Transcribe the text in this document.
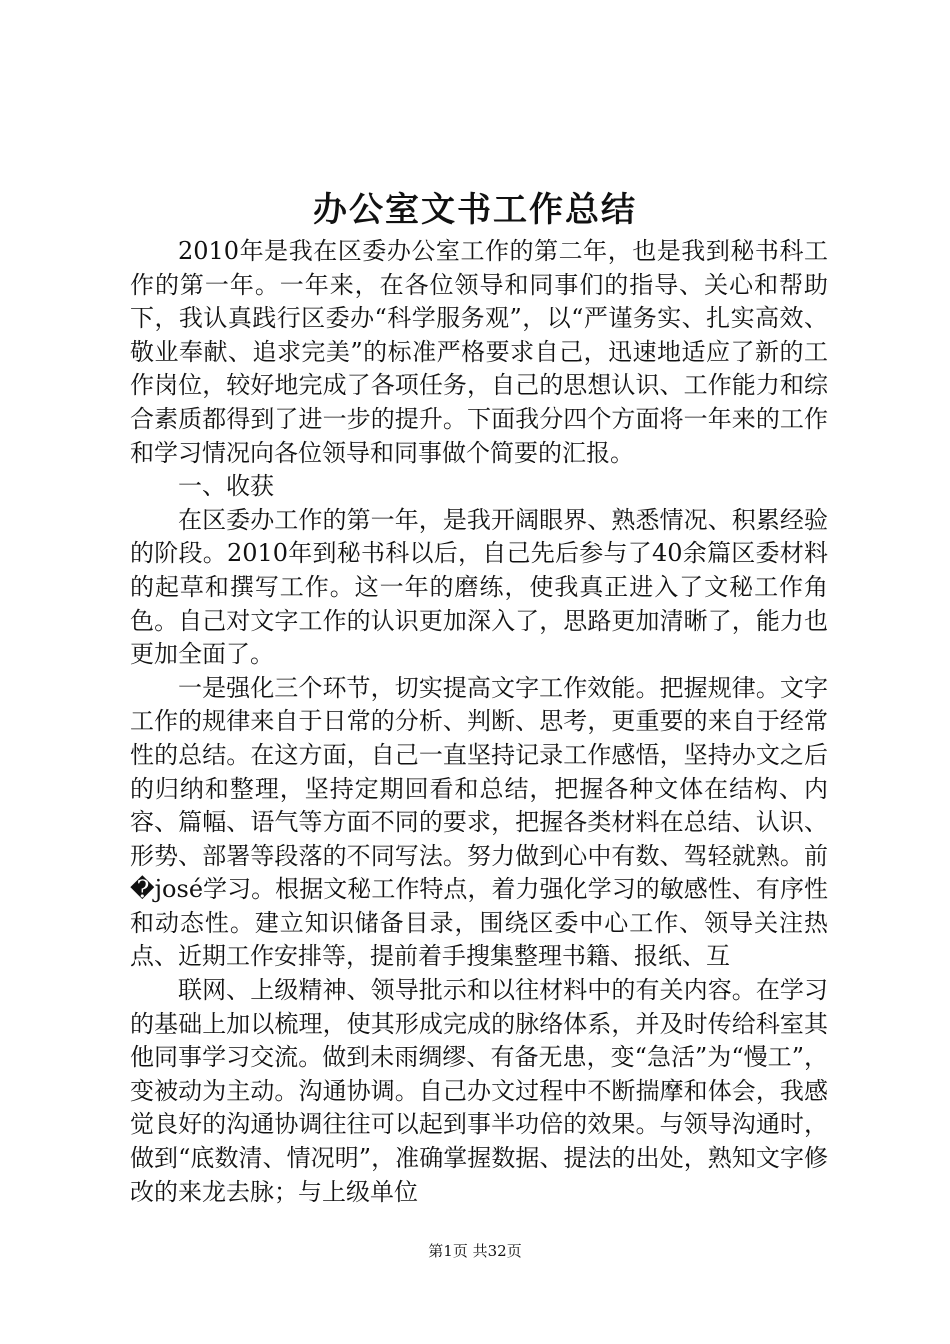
办公室文书工作总结

2010年是我在区委办公室工作的第二年，也是我到秘书科工作的第一年。一年来，在各位领导和同事们的指导、关心和帮助下，我认真践行区委办“科学服务观”，以“严谨务实、扎实高效、敬业奉献、追求完美”的标准严格要求自己，迅速地适应了新的工作岗位，较好地完成了各项任务，自己的思想认识、工作能力和综合素质都得到了进一步的提升。下面我分四个方面将一年来的工作和学习情况向各位领导和同事做个简要的汇报。

一、收获

在区委办工作的第一年，是我开阔眼界、熟悉情况、积累经验的阶段。2010年到秘书科以后，自己先后参与了40余篇区委材料的起草和撰写工作。这一年的磨练，使我真正进入了文秘工作角色。自己对文字工作的认识更加深入了，思路更加清晰了，能力也更加全面了。

一是强化三个环节，切实提高文字工作效能。把握规律。文字工作的规律来自于日常的分析、判断、思考，更重要的来自于经常性的总结。在这方面，自己一直坚持记录工作感悟，坚持办文之后的归纳和整理，坚持定期回看和总结，把握各种文体在结构、内容、篇幅、语气等方面不同的要求，把握各类材料在总结、认识、形势、部署等段落的不同写法。努力做到心中有数、驾轻就熟。前�josé学习。根据文秘工作特点，着力强化学习的敏感性、有序性和动态性。建立知识储备目录，围绕区委中心工作、领导关注热点、近期工作安排等，提前着手搜集整理书籍、报纸、互

联网、上级精神、领导批示和以往材料中的有关内容。在学习的基础上加以梳理，使其形成完成的脉络体系，并及时传给科室其他同事学习交流。做到未雨绸缪、有备无患，变“急活”为“慢工”，变被动为主动。沟通协调。自己办文过程中不断揣摩和体会，我感觉良好的沟通协调往往可以起到事半功倍的效果。与领导沟通时，做到“底数清、情况明”，准确掌握数据、提法的出处，熟知文字修改的来龙去脉；与上级单位

第1页 共32页
